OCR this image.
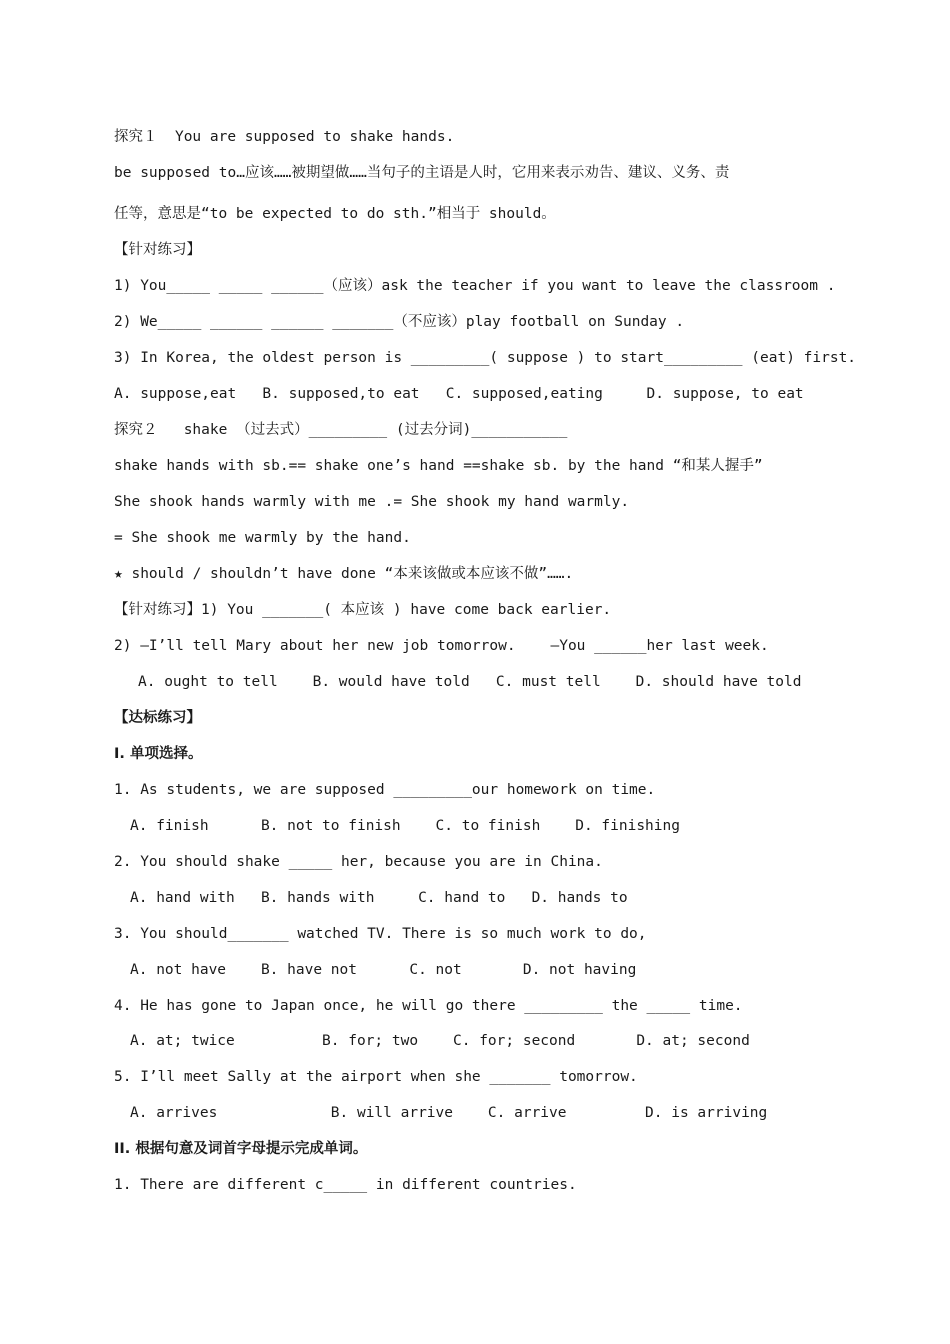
探究１  You are supposed to shake hands.

be supposed to…应该……被期望做……当句子的主语是人时，它用来表示劝告、建议、义务、责

任等，意思是“to be expected to do sth.”相当于 should。

【针对练习】

1) You_____ _____ ______（应该）ask the teacher if you want to leave the classroom .

2) We_____ ______ ______ _______（不应该）play football on Sunday .

3) In Korea, the oldest person is _________( suppose ) to start_________ (eat) first.

A. suppose,eat   B. supposed,to eat   C. supposed,eating     D. suppose, to eat

探究２   shake （过去式）_________ (过去分词)___________

shake hands with sb.== shake one’s hand ==shake sb. by the hand “和某人握手”

She shook hands warmly with me .= She shook my hand warmly.

= She shook me warmly by the hand.

★ should / shouldn’t have done “本来该做或本应该不做”…….

【针对练习】1) You _______( 本应该 ) have come back earlier.

2) —I’ll tell Mary about her new job tomorrow.    —You ______her last week.

A. ought to tell    B. would have told   C. must tell    D. should have told

【达标练习】

I. 单项选择。

1. As students, we are supposed _________our homework on time.

A. finish      B. not to finish    C. to finish    D. finishing

2. You should shake _____ her, because you are in China.

A. hand with   B. hands with     C. hand to   D. hands to

3. You should_______ watched TV. There is so much work to do,

A. not have    B. have not      C. not       D. not having

4. He has gone to Japan once, he will go there _________ the _____ time.

A. at; twice          B. for; two    C. for; second       D. at; second

5. I’ll meet Sally at the airport when she _______ tomorrow.

A. arrives             B. will arrive    C. arrive         D. is arriving

II. 根据句意及词首字母提示完成单词。

1. There are different c_____ in different countries.
